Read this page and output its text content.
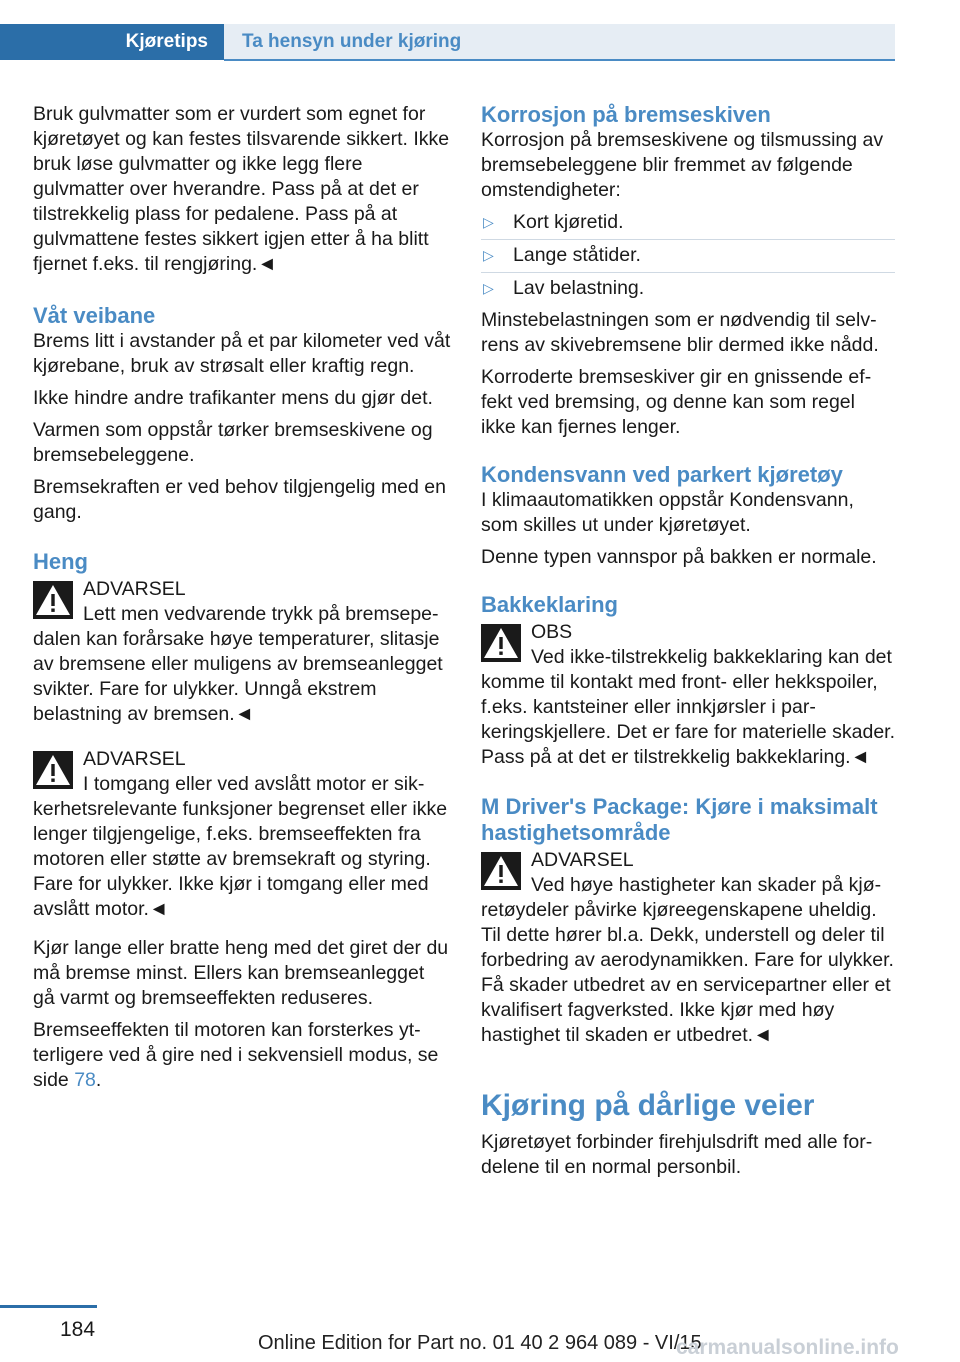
Kjøretips	Ta hensyn under kjøring

Bruk gulvmatter som er vurdert som egnet for kjøretøyet og kan festes tilsvarende sikkert. Ikke bruk løse gulvmatter og ikke legg flere gulvmatter over hverandre. Pass på at det er tilstrekkelig plass for pedalene. Pass på at gulvmattene festes sikkert igjen etter å ha blitt fjernet f.eks. til rengjøring.◄

Våt veibane

Brems litt i avstander på et par kilometer ved våt kjørebane, bruk av strøsalt eller kraftig regn.

Ikke hindre andre trafikanter mens du gjør det.

Varmen som oppstår tørker bremseskivene og bremsebeleggene.

Bremsekraften er ved behov tilgjengelig med en gang.

Heng
ADVARSEL

Lett men vedvarende trykk på bremsepedalen kan forårsake høye temperaturer, slitasje av bremsene eller muligens av bremseanlegget svikter. Fare for ulykker. Unngå ekstrem belastning av bremsen.◄

ADVARSEL

I tomgang eller ved avslått motor er sikkerhetsrelevante funksjoner begrenset eller ikke lenger tilgjengelige, f.eks. bremseeffekten fra motoren eller støtte av bremsekraft og styring. Fare for ulykker. Ikke kjør i tomgang eller med avslått motor.◄

Kjør lange eller bratte heng med det giret der du må bremse minst. Ellers kan bremseanlegget gå varmt og bremseeffekten reduseres.

Bremseeffekten til motoren kan forsterkes ytterligere ved å gire ned i sekvensiell modus, se side 78.

Korrosjon på bremseskiven

Korrosjon på bremseskivene og tilsmussing av bremsebeleggene blir fremmet av følgende omstendigheter:

▷ Kort kjøretid.
▷ Lange ståtider.
▷ Lav belastning.

Minstebelastningen som er nødvendig til selvrens av skivebremsene blir dermed ikke nådd.

Korroderte bremseskiver gir en gnissende effekt ved bremsing, og denne kan som regel ikke kan fjernes lenger.

Kondensvann ved parkert kjøretøy

I klimaautomatikken oppstår Kondensvann, som skilles ut under kjøretøyet.

Denne typen vannspor på bakken er normale.

Bakkeklaring
OBS

Ved ikke-tilstrekkelig bakkeklaring kan det komme til kontakt med front- eller hekkspoiler, f.eks. kantsteiner eller innkjørsler i parkeringskjellere. Det er fare for materielle skader. Pass på at det er tilstrekkelig bakkeklaring.◄

M Driver's Package: Kjøre i maksimalt hastighetsområde
ADVARSEL

Ved høye hastigheter kan skader på kjøretøydeler påvirke kjøreegenskapene uheldig. Til dette hører bl.a. Dekk, understell og deler til forbedring av aerodynamikken. Fare for ulykker. Få skader utbedret av en servicepartner eller et kvalifisert fagverksted. Ikke kjør med høy hastighet til skaden er utbedret.◄

Kjøring på dårlige veier

Kjøretøyet forbinder firehjulsdrift med alle fordelene til en normal personbil.

184
Online Edition for Part no. 01 40 2 964 089 - VI/15
carmanualsonline.info
